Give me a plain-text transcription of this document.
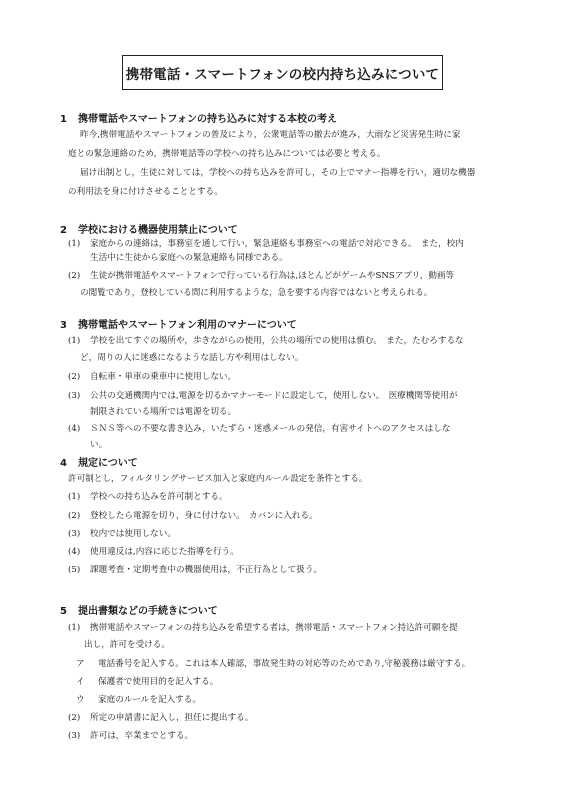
携帯電話・スマートフォンの校内持ち込みについて
1 携帯電話やスマートフォンの持ち込みに対する本校の考え
昨今,携帯電話やスマートフォンの普及により，公衆電話等の撤去が進み，大雨など災害発生時に家
庭との緊急連絡のため，携帯電話等の学校への持ち込みについては必要と考える。
届け出制とし，生徒に対しては，学校への持ち込みを許可し，その上でマナー指導を行い，適切な機器
の利用法を身に付けさせることとする。
2 学校における機器使用禁止について
(1) 家庭からの連絡は，事務室を通して行い，緊急連絡も事務室への電話で対応できる。　また，校内
生活中に生徒から家庭への緊急連絡も同様である。
(2) 生徒が携帯電話やスマートフォンで行っている行為は,ほとんどがゲームやSNSアプリ，動画等
の閲覧であり，登校している間に利用するような，急を要する内容ではないと考えられる。
3 携帯電話やスマートフォン利用のマナーについて
(1) 学校を出てすぐの場所や，歩きながらの使用，公共の場所での使用は慎む。　また，たむろするな
ど，周りの人に迷惑になるような話し方や利用はしない。
(2) 自転車・単車の乗車中に使用しない。
(3) 公共の交通機関内では,電源を切るかマナーモードに設定して，使用しない。　医療機関等使用が
制限されている場所では電源を切る。
(4) ＳＮＳ等への不要な書き込み，いたずら・迷惑メールの発信，有害サイトへのアクセスはしな
い。
4 規定について
許可制とし，フィルタリングサービス加入と家庭内ルール設定を条件とする。
(1) 学校への持ち込みを許可制とする。
(2) 登校したら電源を切り，身に付けない。　カバンに入れる。
(3) 校内では使用しない。
(4) 使用違反は,内容に応じた指導を行う。
(5) 課題考査・定期考査中の機器使用は，不正行為として扱う。
5 提出書類などの手続きについて
(1) 携帯電話やスマーフォンの持ち込みを希望する者は，携帯電話・スマートフォン持込許可願を提
出し，許可を受ける。
ア 電話番号を記入する。これは本人確認，事故発生時の対応等のためであり,守秘義務は厳守する。
イ 保護者で使用目的を記入する。
ウ 家庭のルールを記入する。
(2) 所定の申請書に記入し，担任に提出する。
(3) 許可は，卒業までとする。
